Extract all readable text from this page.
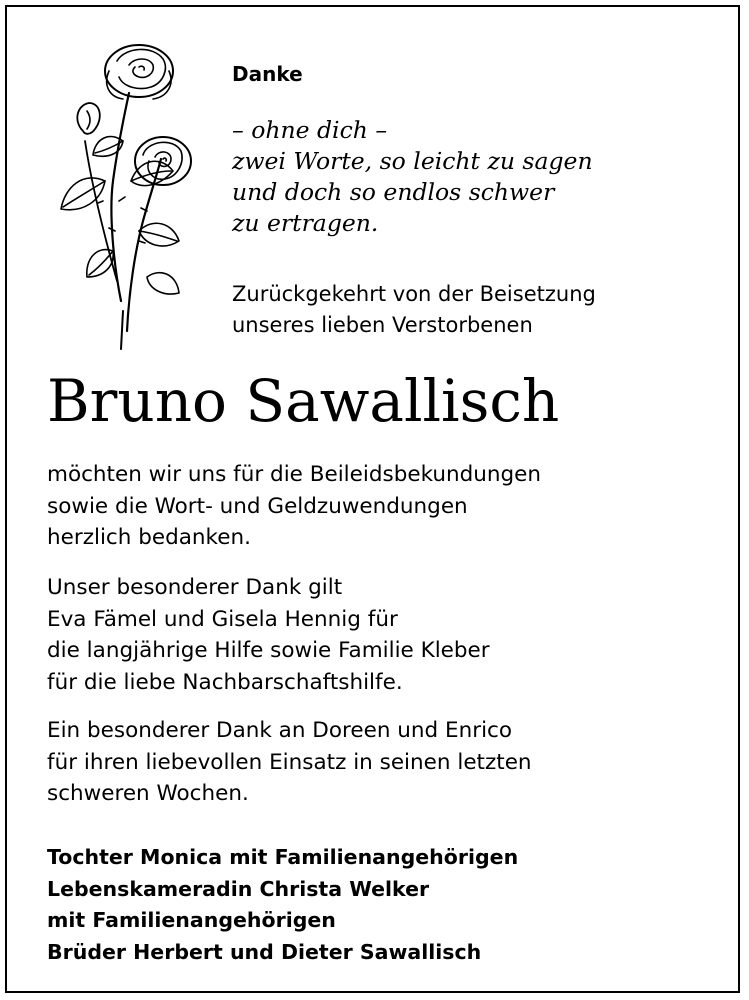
Danke

– ohne dich –
zwei Worte, so leicht zu sagen
und doch so endlos schwer
zu ertragen.

Zurückgekehrt von der Beisetzung
unseres lieben Verstorbenen

Bruno Sawallisch

möchten wir uns für die Beileidsbekundungen
sowie die Wort- und Geldzuwendungen
herzlich bedanken.

Unser besonderer Dank gilt
Eva Fämel und Gisela Hennig für
die langjährige Hilfe sowie Familie Kleber
für die liebe Nachbarschaftshilfe.

Ein besonderer Dank an Doreen und Enrico
für ihren liebevollen Einsatz in seinen letzten
schweren Wochen.

Tochter Monica mit Familienangehörigen
Lebenskameradin Christa Welker
mit Familienangehörigen
Brüder Herbert und Dieter Sawallisch
